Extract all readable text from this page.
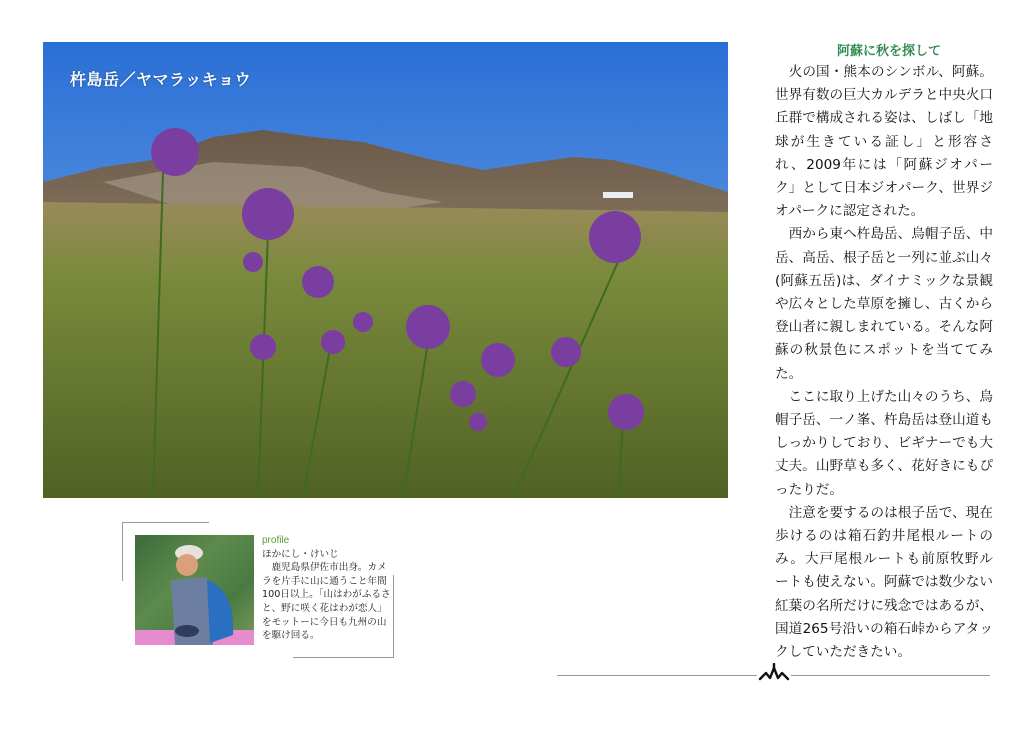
杵島岳／ヤマラッキョウ

profile

ほかにし・けいじ

鹿児島県伊佐市出身。カメラを片手に山に通うこと年間100日以上。「山はわがふるさと、野に咲く花はわが恋人」をモットーに今日も九州の山を駆け回る。

阿蘇に秋を探して

火の国・熊本のシンボル、阿蘇。世界有数の巨大カルデラと中央火口丘群で構成される姿は、しばし「地球が生きている証し」と形容され、2009年には「阿蘇ジオパーク」として日本ジオパーク、世界ジオパークに認定された。

西から東へ杵島岳、烏帽子岳、中岳、高岳、根子岳と一列に並ぶ山々(阿蘇五岳)は、ダイナミックな景観や広々とした草原を擁し、古くから登山者に親しまれている。そんな阿蘇の秋景色にスポットを当ててみた。

ここに取り上げた山々のうち、烏帽子岳、一ノ峯、杵島岳は登山道もしっかりしており、ビギナーでも大丈夫。山野草も多く、花好きにもぴったりだ。

注意を要するのは根子岳で、現在歩けるのは箱石釣井尾根ルートのみ。大戸尾根ルートも前原牧野ルートも使えない。阿蘇では数少ない紅葉の名所だけに残念ではあるが、国道265号沿いの箱石峠からアタックしていただきたい。
